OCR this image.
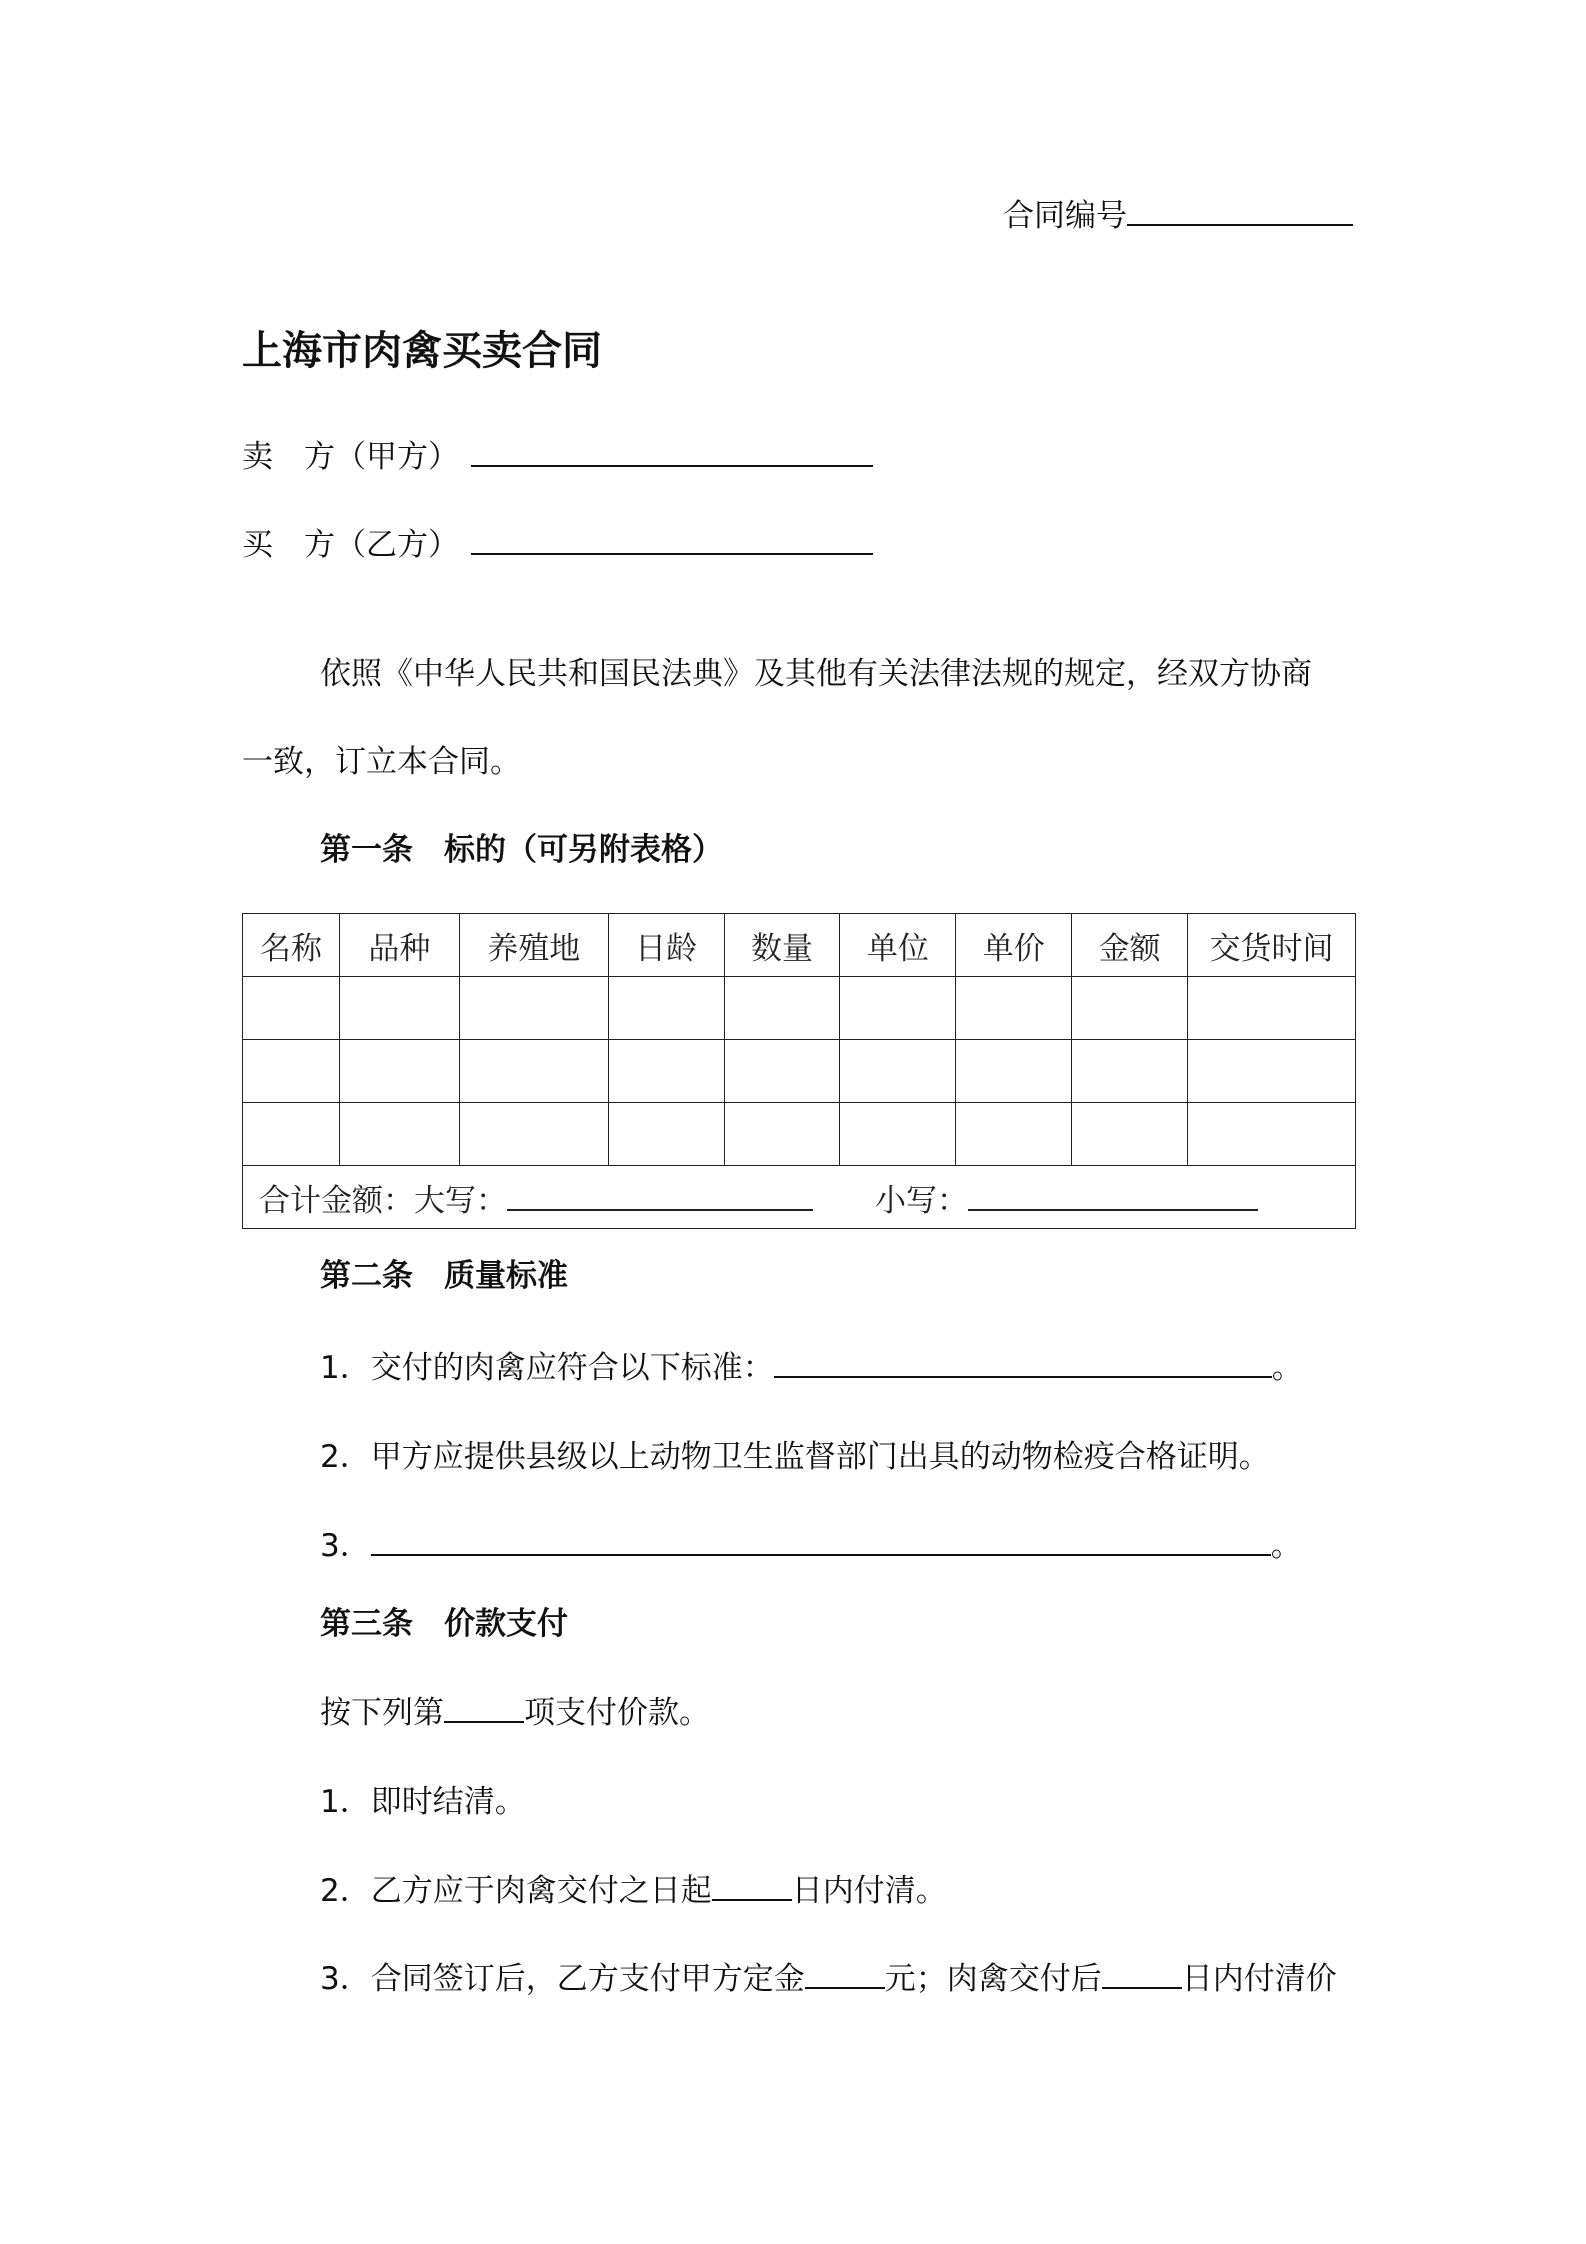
合同编号
上海市肉禽买卖合同
卖　方（甲方）
买　方（乙方）
依照《中华人民共和国民法典》及其他有关法律法规的规定，经双方协商
一致，订立本合同。
第一条　标的（可另附表格）
名称	品种	养殖地	日龄	数量	单位	单价	金额	交货时间

合计金额：大写： 小写：								
第二条　质量标准
1．交付的肉禽应符合以下标准：	。
2．甲方应提供县级以上动物卫生监督部门出具的动物检疫合格证明。
3．	。
第三条　价款支付
按下列第	项支付价款。
1．即时结清。
2．乙方应于肉禽交付之日起	日内付清。
3．合同签订后，乙方支付甲方定金	元；肉禽交付后	日内付清价
